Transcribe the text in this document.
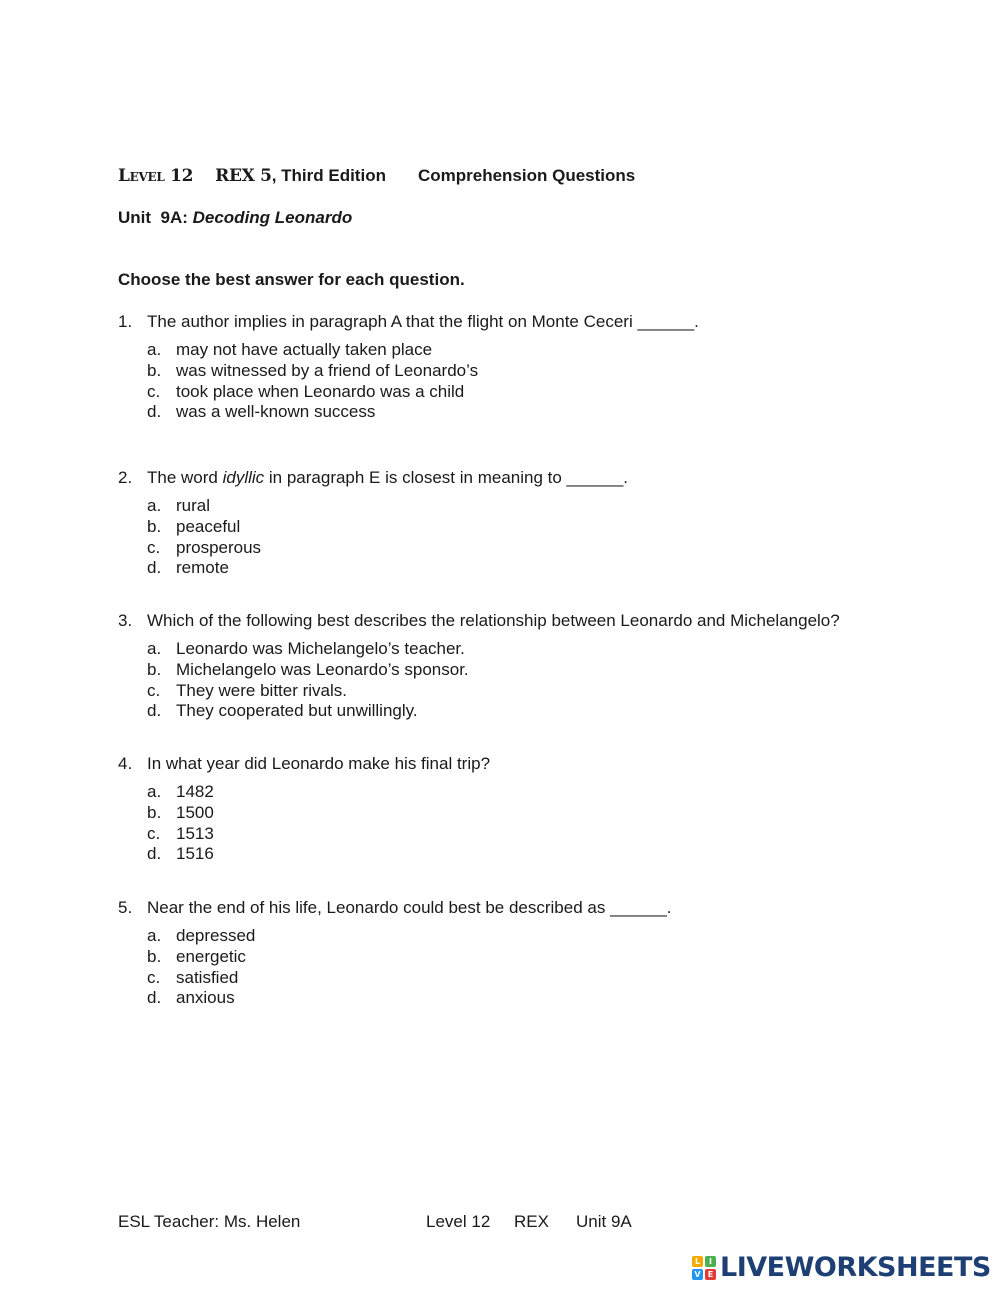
Level 12 REX 5, Third Edition Comprehension Questions
Unit  9A: Decoding Leonardo
Choose the best answer for each question.
1. The author implies in paragraph A that the flight on Monte Ceceri ______.
a. may not have actually taken place
b. was witnessed by a friend of Leonardo’s
c. took place when Leonardo was a child
d. was a well-known success
2. The word idyllic in paragraph E is closest in meaning to ______.
a. rural
b. peaceful
c. prosperous
d. remote
3. Which of the following best describes the relationship between Leonardo and Michelangelo?
a. Leonardo was Michelangelo’s teacher.
b. Michelangelo was Leonardo’s sponsor.
c. They were bitter rivals.
d. They cooperated but unwillingly.
4. In what year did Leonardo make his final trip?
a. 1482
b. 1500
c. 1513
d. 1516
5. Near the end of his life, Leonardo could best be described as ______.
a. depressed
b. energetic
c. satisfied
d. anxious
ESL Teacher: Ms. Helen	Level 12 REX Unit 9A
L	I
V E LIVEWORKSHEETS
